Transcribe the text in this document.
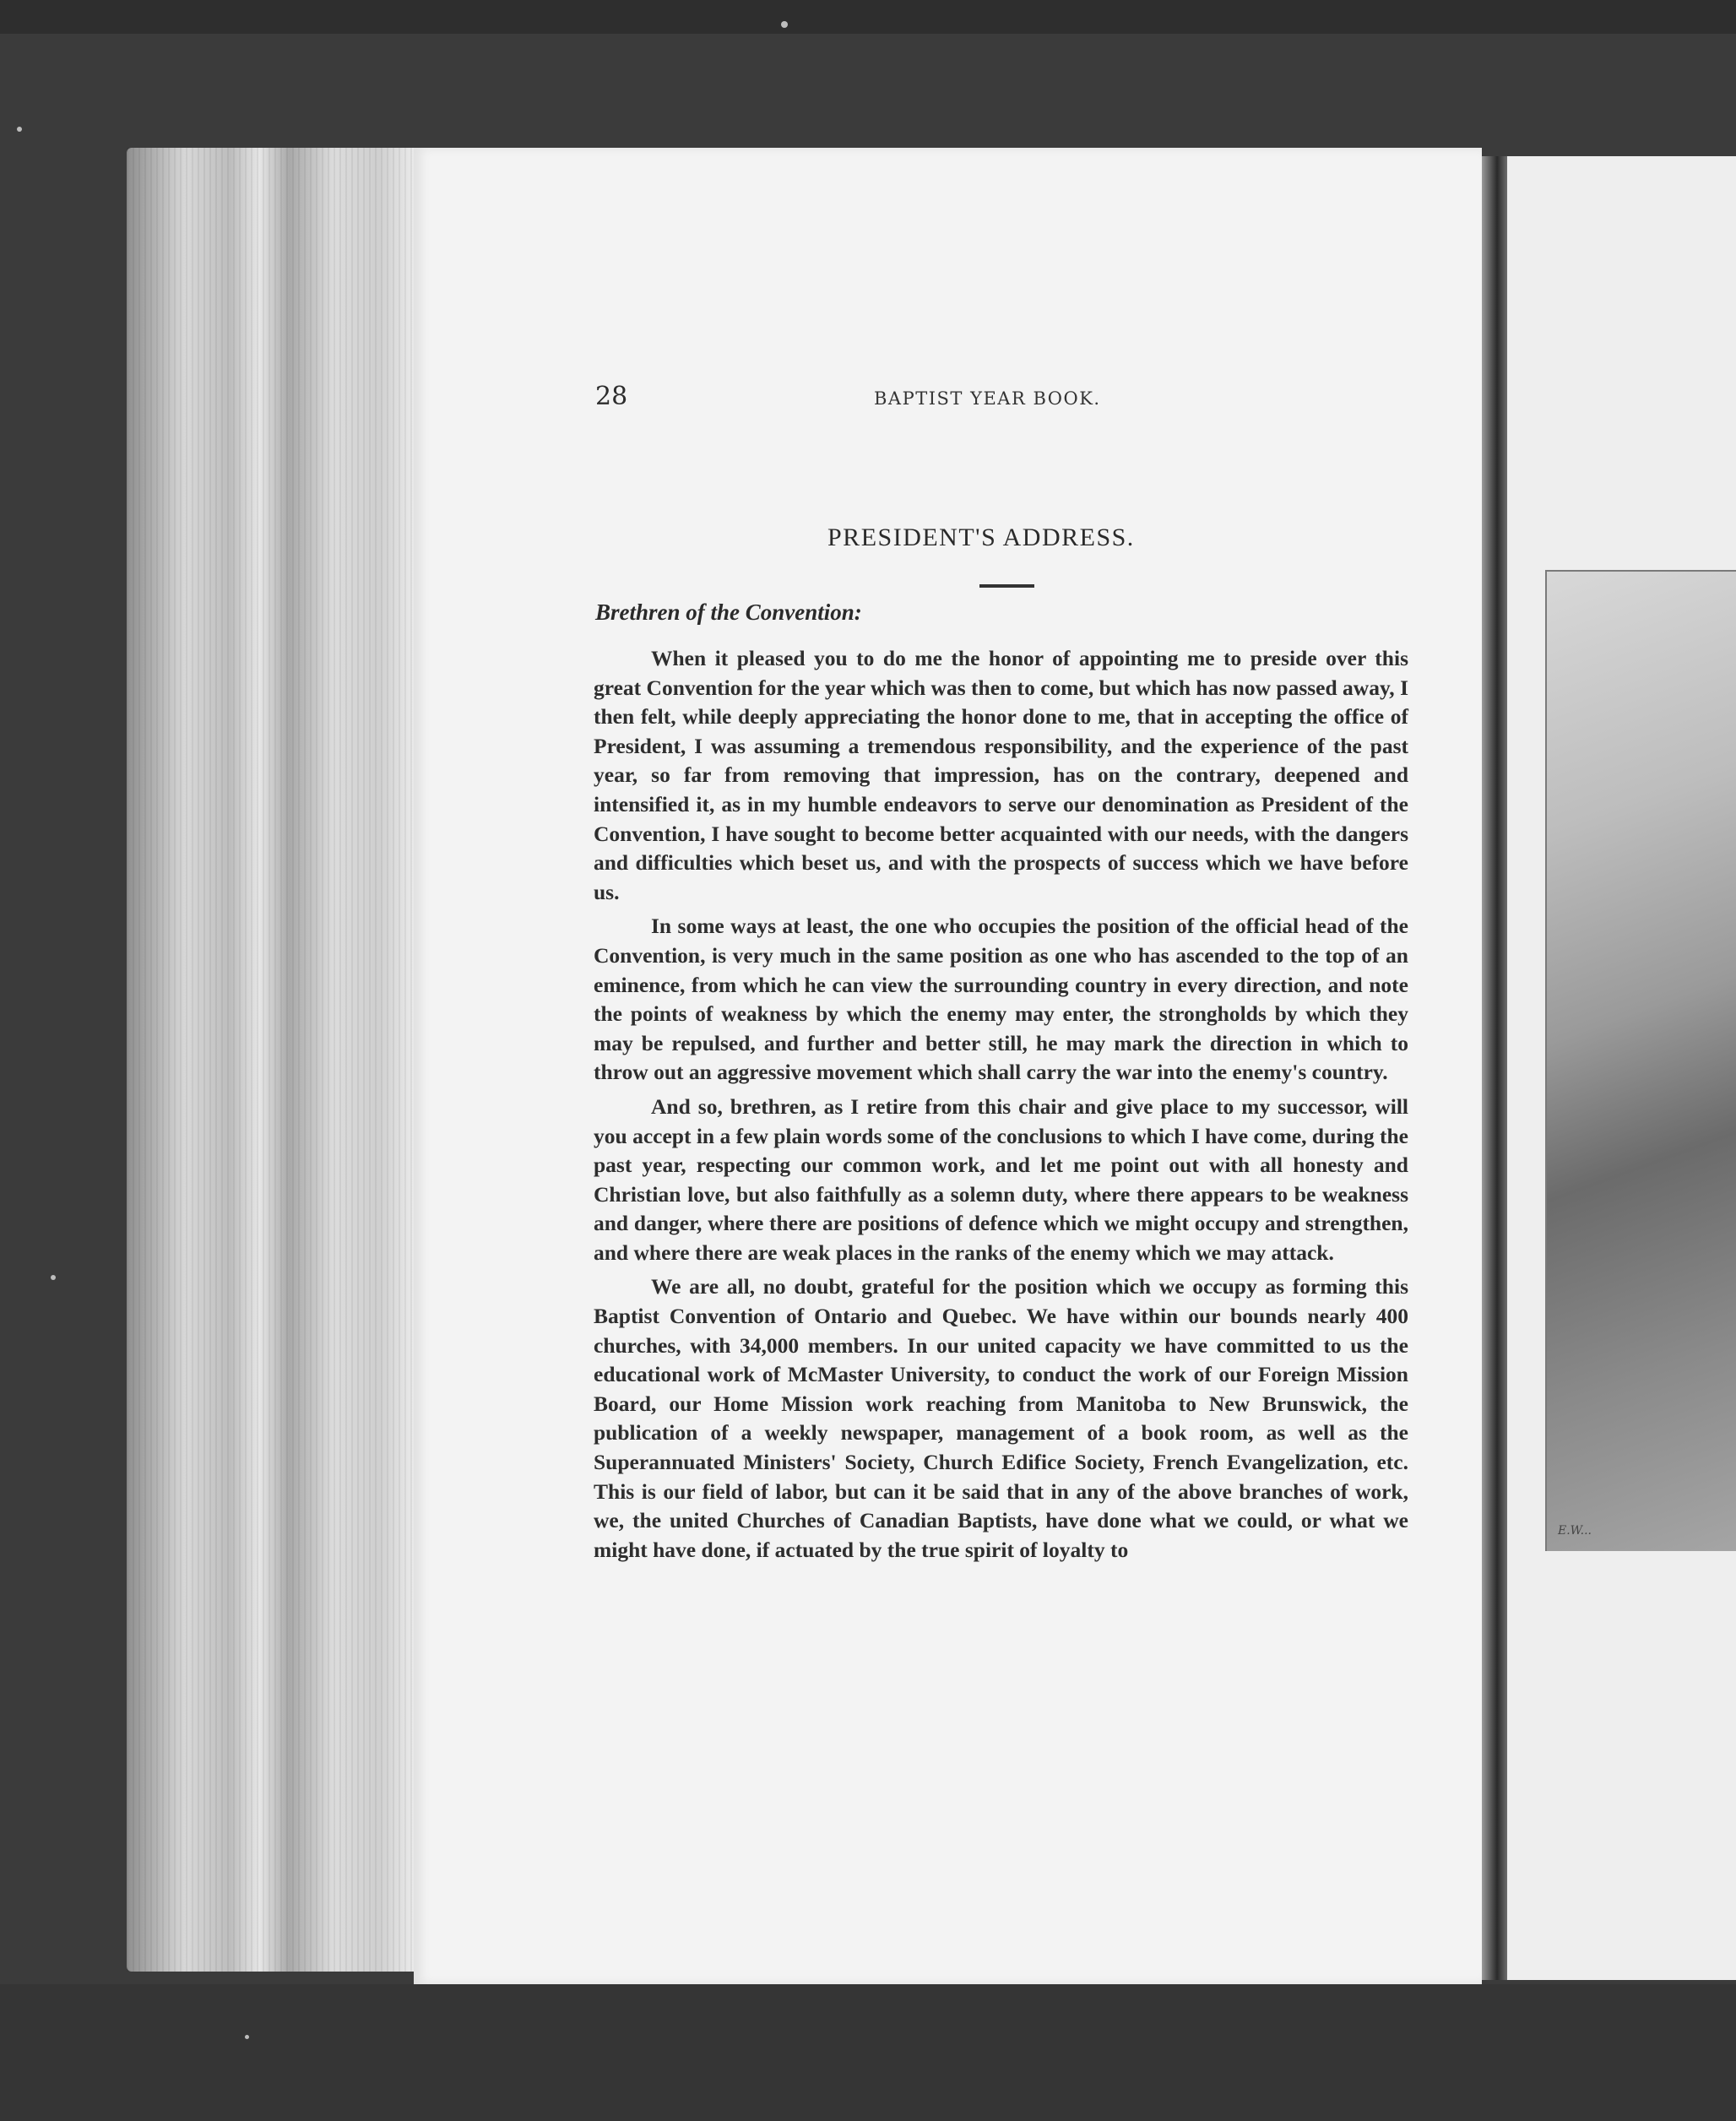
28	BAPTIST YEAR BOOK.
PRESIDENT'S ADDRESS.
Brethren of the Convention:

When it pleased you to do me the honor of appointing me to preside over this great Convention for the year which was then to come, but which has now passed away, I then felt, while deeply appreciating the honor done to me, that in accepting the office of President, I was assuming a tremendous responsibility, and the experience of the past year, so far from removing that impression, has on the contrary, deepened and intensified it, as in my humble endeavors to serve our denomination as President of the Convention, I have sought to become better acquainted with our needs, with the dangers and difficulties which beset us, and with the prospects of success which we have before us.

In some ways at least, the one who occupies the position of the official head of the Convention, is very much in the same position as one who has ascended to the top of an eminence, from which he can view the surrounding country in every direction, and note the points of weakness by which the enemy may enter, the strongholds by which they may be repulsed, and further and better still, he may mark the direction in which to throw out an aggressive movement which shall carry the war into the enemy's country.

And so, brethren, as I retire from this chair and give place to my successor, will you accept in a few plain words some of the conclusions to which I have come, during the past year, respecting our common work, and let me point out with all honesty and Christian love, but also faithfully as a solemn duty, where there appears to be weakness and danger, where there are positions of defence which we might occupy and strengthen, and where there are weak places in the ranks of the enemy which we may attack.

We are all, no doubt, grateful for the position which we occupy as forming this Baptist Convention of Ontario and Quebec. We have within our bounds nearly 400 churches, with 34,000 members. In our united capacity we have committed to us the educational work of McMaster University, to conduct the work of our Foreign Mission Board, our Home Mission work reaching from Manitoba to New Brunswick, the publication of a weekly newspaper, management of a book room, as well as the Superannuated Ministers' Society, Church Edifice Society, French Evangelization, etc. This is our field of labor, but can it be said that in any of the above branches of work, we, the united Churches of Canadian Baptists, have done what we could, or what we might have done, if actuated by the true spirit of loyalty to

E.W...
